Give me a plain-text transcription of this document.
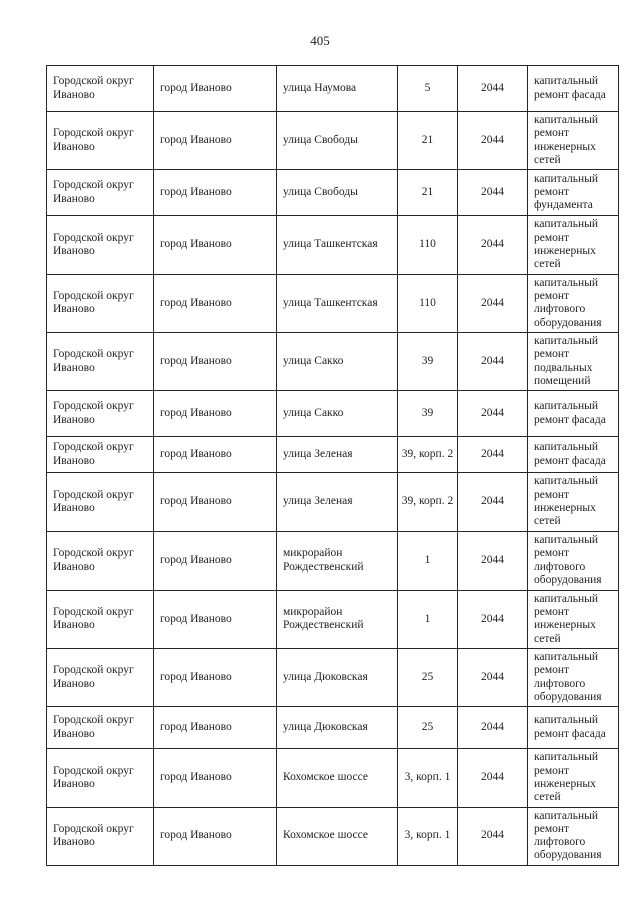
405
Городской округ Иваново	город Иваново	улица Наумова	5	2044	капитальный ремонт фасада
Городской округ Иваново	город Иваново	улица Свободы	21	2044	капитальный ремонт инженерных сетей
Городской округ Иваново	город Иваново	улица Свободы	21	2044	капитальный ремонт фундамента
Городской округ Иваново	город Иваново	улица Ташкентская	110	2044	капитальный ремонт инженерных сетей
Городской округ Иваново	город Иваново	улица Ташкентская	110	2044	капитальный ремонт лифтового оборудования
Городской округ Иваново	город Иваново	улица Сакко	39	2044	капитальный ремонт подвальных помещений
Городской округ Иваново	город Иваново	улица Сакко	39	2044	капитальный ремонт фасада
Городской округ Иваново	город Иваново	улица Зеленая	39, корп. 2	2044	капитальный ремонт фасада
Городской округ Иваново	город Иваново	улица Зеленая	39, корп. 2	2044	капитальный ремонт инженерных сетей
Городской округ Иваново	город Иваново	микрорайон Рождественский	1	2044	капитальный ремонт лифтового оборудования
Городской округ Иваново	город Иваново	микрорайон Рождественский	1	2044	капитальный ремонт инженерных сетей
Городской округ Иваново	город Иваново	улица Дюковская	25	2044	капитальный ремонт лифтового оборудования
Городской округ Иваново	город Иваново	улица Дюковская	25	2044	капитальный ремонт фасада
Городской округ Иваново	город Иваново	Кохомское шоссе	3, корп. 1	2044	капитальный ремонт инженерных сетей
Городской округ Иваново	город Иваново	Кохомское шоссе	3, корп. 1	2044	капитальный ремонт лифтового оборудования
